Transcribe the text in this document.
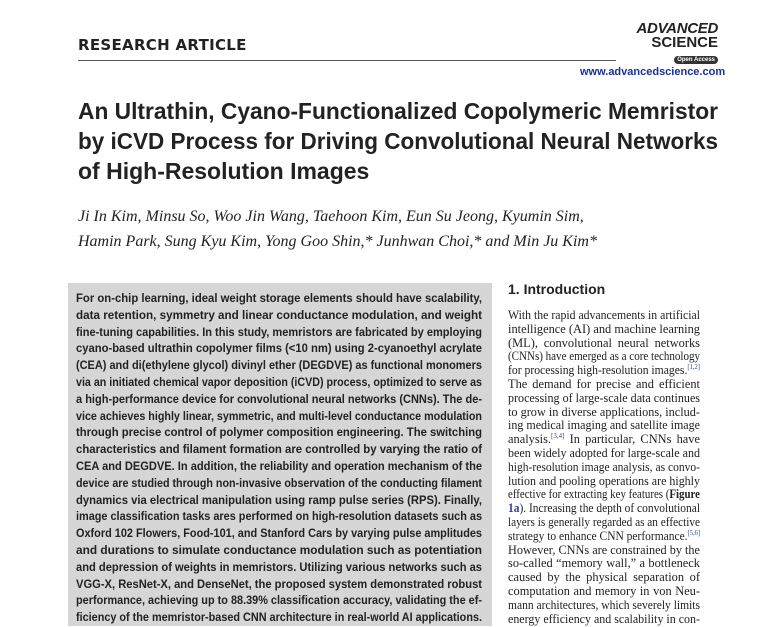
RESEARCH ARTICLE
ADVANCED
SCIENCE
Open Access
www.advancedscience.com
An Ultrathin, Cyano-Functionalized Copolymeric Memristor
by iCVD Process for Driving Convolutional Neural Networks
of High-Resolution Images
Ji In Kim, Minsu So, Woo Jin Wang, Taehoon Kim, Eun Su Jeong, Kyumin Sim,
Hamin Park, Sung Kyu Kim, Yong Goo Shin,* Junhwan Choi,* and Min Ju Kim*
For on-chip learning, ideal weight storage elements should have scalability,
data retention, symmetry and linear conductance modulation, and weight
fine-tuning capabilities. In this study, memristors are fabricated by employing
cyano-based ultrathin copolymer films (<10 nm) using 2-cyanoethyl acrylate
(CEA) and di(ethylene glycol) divinyl ether (DEGDVE) as functional monomers
via an initiated chemical vapor deposition (iCVD) process, optimized to serve as
a high-performance device for convolutional neural networks (CNNs). The de-
vice achieves highly linear, symmetric, and multi-level conductance modulation
through precise control of polymer composition engineering. The switching
characteristics and filament formation are controlled by varying the ratio of
CEA and DEGDVE. In addition, the reliability and operation mechanism of the
device are studied through non-invasive observation of the conducting filament
dynamics via electrical manipulation using ramp pulse series (RPS). Finally,
image classification tasks ares performed on high-resolution datasets such as
Oxford 102 Flowers, Food-101, and Stanford Cars by varying pulse amplitudes
and durations to simulate conductance modulation such as potentiation
and depression of weights in memristors. Utilizing various networks such as
VGG-X, ResNet-X, and DenseNet, the proposed system demonstrated robust
performance, achieving up to 88.39% classification accuracy, validating the ef-
ficiency of the memristor-based CNN architecture in real-world AI applications.
1. Introduction
With the rapid advancements in artificial
intelligence (AI) and machine learning
(ML), convolutional neural networks
(CNNs) have emerged as a core technology
for processing high-resolution images.[1,2]
The demand for precise and efficient
processing of large-scale data continues
to grow in diverse applications, includ-
ing medical imaging and satellite image
analysis.[3,4] In particular, CNNs have
been widely adopted for large-scale and
high-resolution image analysis, as convo-
lution and pooling operations are highly
effective for extracting key features (Figure
1a). Increasing the depth of convolutional
layers is generally regarded as an effective
strategy to enhance CNN performance.[5,6]
However, CNNs are constrained by the
so-called “memory wall,” a bottleneck
caused by the physical separation of
computation and memory in von Neu-
mann architectures, which severely limits
energy efficiency and scalability in con-
